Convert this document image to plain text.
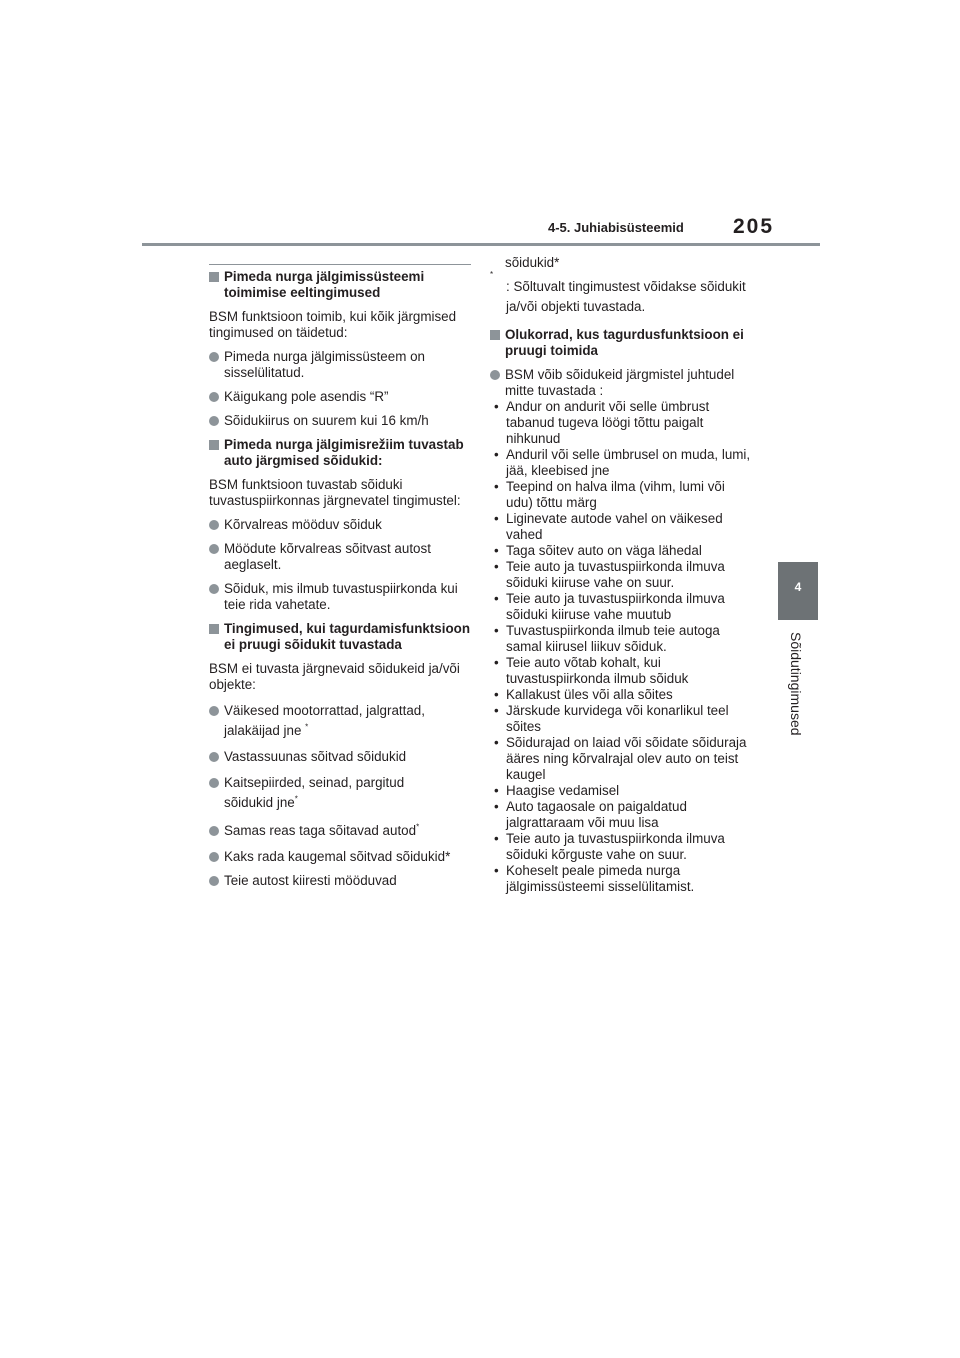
4-5. Juhiabisüsteemid 205
4
Sõidutingimused
Pimeda nurga jälgimissüsteemi toimimise eeltingimused

BSM funktsioon toimib, kui kõik järgmised tingimused on täidetud:

Pimeda nurga jälgimissüsteem on sisselülitatud.
Käigukang pole asendis “R”
Sõidukiirus on suurem kui 16 km/h
Pimeda nurga jälgimisrežiim tuvastab auto järgmised sõidukid:

BSM funktsioon tuvastab sõiduki tuvastuspiirkonnas järgnevatel tingimustel:

Kõrvalreas mööduv sõiduk
Möödute kõrvalreas sõitvast autost aeglaselt.
Sõiduk, mis ilmub tuvastuspiirkonda kui teie rida vahetate.
Tingimused, kui tagurdamisfunktsioon ei pruugi sõidukit tuvastada

BSM ei tuvasta järgnevaid sõidukeid ja/või objekte:

Väikesed mootorrattad, jalgrattad,
jalakäijad jne *
Vastassuunas sõitvad sõidukid
Kaitsepiirded, seinad, pargitud
sõidukid jne*
Samas reas taga sõitavad autod*
Kaks rada kaugemal sõitvad sõidukid*
Teie autost kiiresti mööduvad

sõidukid*

*
: Sõltuvalt tingimustest võidakse sõidukit ja/või objekti tuvastada.
Olukorrad, kus tagurdusfunktsioon ei pruugi toimida
BSM võib sõidukeid järgmistel juhtudel mitte tuvastada :
• Andur on andurit või selle ümbrust tabanud tugeva löögi tõttu paigalt nihkunud
• Anduril või selle ümbrusel on muda, lumi, jää, kleebised jne
• Teepind on halva ilma (vihm, lumi või udu) tõttu märg
• Liginevate autode vahel on väikesed vahed
• Taga sõitev auto on väga lähedal
• Teie auto ja tuvastuspiirkonda ilmuva sõiduki kiiruse vahe on suur.
• Teie auto ja tuvastuspiirkonda ilmuva sõiduki kiiruse vahe muutub
• Tuvastuspiirkonda ilmub teie autoga samal kiirusel liikuv sõiduk.
• Teie auto võtab kohalt, kui tuvastuspiirkonda ilmub sõiduk
• Kallakust üles või alla sõites
• Järskude kurvidega või konarlikul teel sõites
• Sõidurajad on laiad või sõidate sõiduraja ääres ning kõrvalrajal olev auto on teist kaugel
• Haagise vedamisel
• Auto tagaosale on paigaldatud jalgrattaraam või muu lisa
• Teie auto ja tuvastuspiirkonda ilmuva sõiduki kõrguste vahe on suur.
• Koheselt peale pimeda nurga jälgimissüsteemi sisselülitamist.
